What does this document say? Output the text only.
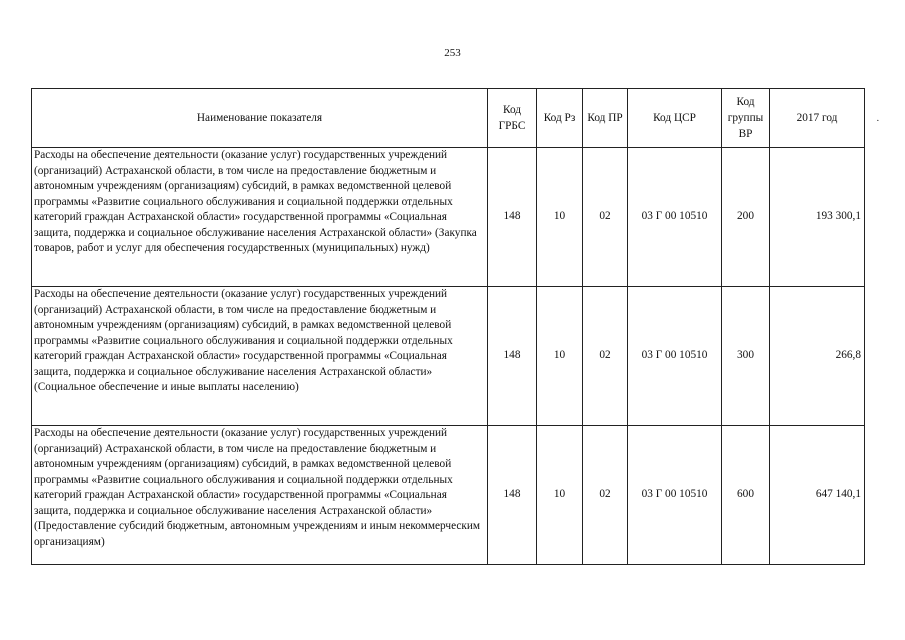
253
·
Наименование показателя	Код ГРБС	Код Рз	Код ПР	Код ЦСР	Код группы ВР	2017 год
Расходы на обеспечение деятельности (оказание услуг) государственных учреждений (организаций) Астраханской области, в том числе на предоставление бюджетным и автономным учреждениям (организациям) субсидий, в рамках ведомственной целевой программы «Развитие социального обслуживания и социальной поддержки отдельных категорий граждан Астраханской области» государственной программы «Социальная защита, поддержка и социальное обслуживание населения Астраханской области» (Закупка товаров, работ и услуг для обеспечения государственных (муниципальных) нужд)	148	10	02	03 Г 00 10510	200	193 300,1
Расходы на обеспечение деятельности (оказание услуг) государственных учреждений (организаций) Астраханской области, в том числе на предоставление бюджетным и автономным учреждениям (организациям) субсидий, в рамках ведомственной целевой программы «Развитие социального обслуживания и социальной поддержки отдельных категорий граждан Астраханской области» государственной программы «Социальная защита, поддержка и социальное обслуживание населения Астраханской области» (Социальное обеспечение и иные выплаты населению)	148	10	02	03 Г 00 10510	300	266,8
Расходы на обеспечение деятельности (оказание услуг) государственных учреждений (организаций) Астраханской области, в том числе на предоставление бюджетным и автономным учреждениям (организациям) субсидий, в рамках ведомственной целевой программы «Развитие социального обслуживания и социальной поддержки отдельных категорий граждан Астраханской области» государственной программы «Социальная защита, поддержка и социальное обслуживание населения Астраханской области» (Предоставление субсидий бюджетным, автономным учреждениям и иным некоммерческим организациям)	148	10	02	03 Г 00 10510	600	647 140,1
